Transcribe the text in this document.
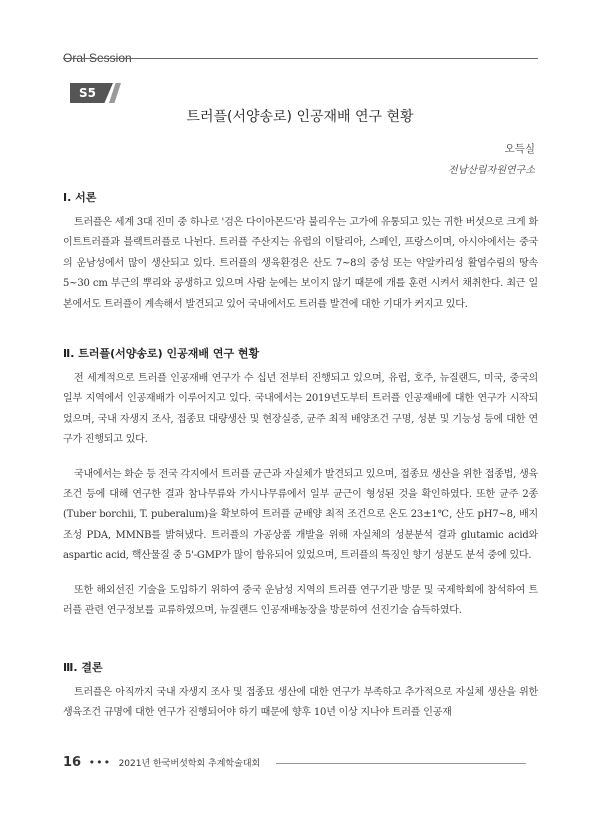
Oral Session
S5
트러플(서양송로) 인공재배 연구 현황
오득실
전남산림자원연구소
Ⅰ. 서론

트러플은 세계 3대 진미 중 하나로 '검은 다이아몬드'라 불리우는 고가에 유통되고 있는 귀한 버섯으로 크게 화이트트러플과 블랙트러플로 나뉜다. 트러플 주산지는 유럽의 이탈리아, 스페인, 프랑스이며, 아시아에서는 중국의 운남성에서 많이 생산되고 있다. 트러플의 생육환경은 산도 7~8의 중성 또는 약알카리성 활엽수림의 땅속 5~30 cm 부근의 뿌리와 공생하고 있으며 사람 눈에는 보이지 않기 때문에 개를 훈련 시켜서 채취한다. 최근 일본에서도 트러플이 계속해서 발견되고 있어 국내에서도 트러플 발견에 대한 기대가 커지고 있다.

Ⅱ. 트러플(서양송로) 인공재배 연구 현황

전 세계적으로 트러플 인공재배 연구가 수 십년 전부터 진행되고 있으며, 유럽, 호주, 뉴질랜드, 미국, 중국의 일부 지역에서 인공재배가 이루어지고 있다. 국내에서는 2019년도부터 트러플 인공재배에 대한 연구가 시작되었으며, 국내 자생지 조사, 접종묘 대량생산 및 현장실증, 균주 최적 배양조건 구명, 성분 및 기능성 등에 대한 연구가 진행되고 있다.

국내에서는 화순 등 전국 각지에서 트러플 균근과 자실체가 발견되고 있으며, 접종묘 생산을 위한 접종법, 생육조건 등에 대해 연구한 결과 참나무류와 가시나무류에서 일부 균근이 형성된 것을 확인하였다. 또한 균주 2종(Tuber borchii, T. puberalum)을 확보하여 트러플 균배양 최적 조건으로 온도 23±1℃, 산도 pH7~8, 배지조성 PDA, MMNB를 밝혀냈다. 트러플의 가공상품 개발을 위해 자실체의 성분분석 결과 glutamic acid와 aspartic acid, 핵산물질 중 5'-GMP가 많이 함유되어 있었으며, 트러플의 특징인 향기 성분도 분석 중에 있다.

또한 해외선진 기술을 도입하기 위하여 중국 운남성 지역의 트러플 연구기관 방문 및 국제학회에 참석하여 트러플 관련 연구정보를 교류하였으며, 뉴질랜드 인공재배농장을 방문하여 선진기술 습득하였다.

Ⅲ. 결론

트러플은 아직까지 국내 자생지 조사 및 접종묘 생산에 대한 연구가 부족하고 추가적으로 자실체 생산을 위한 생육조건 규명에 대한 연구가 진행되어야 하기 때문에 향후 10년 이상 지나야 트러플 인공재

16 ••• 2021년 한국버섯학회 추계학술대회
